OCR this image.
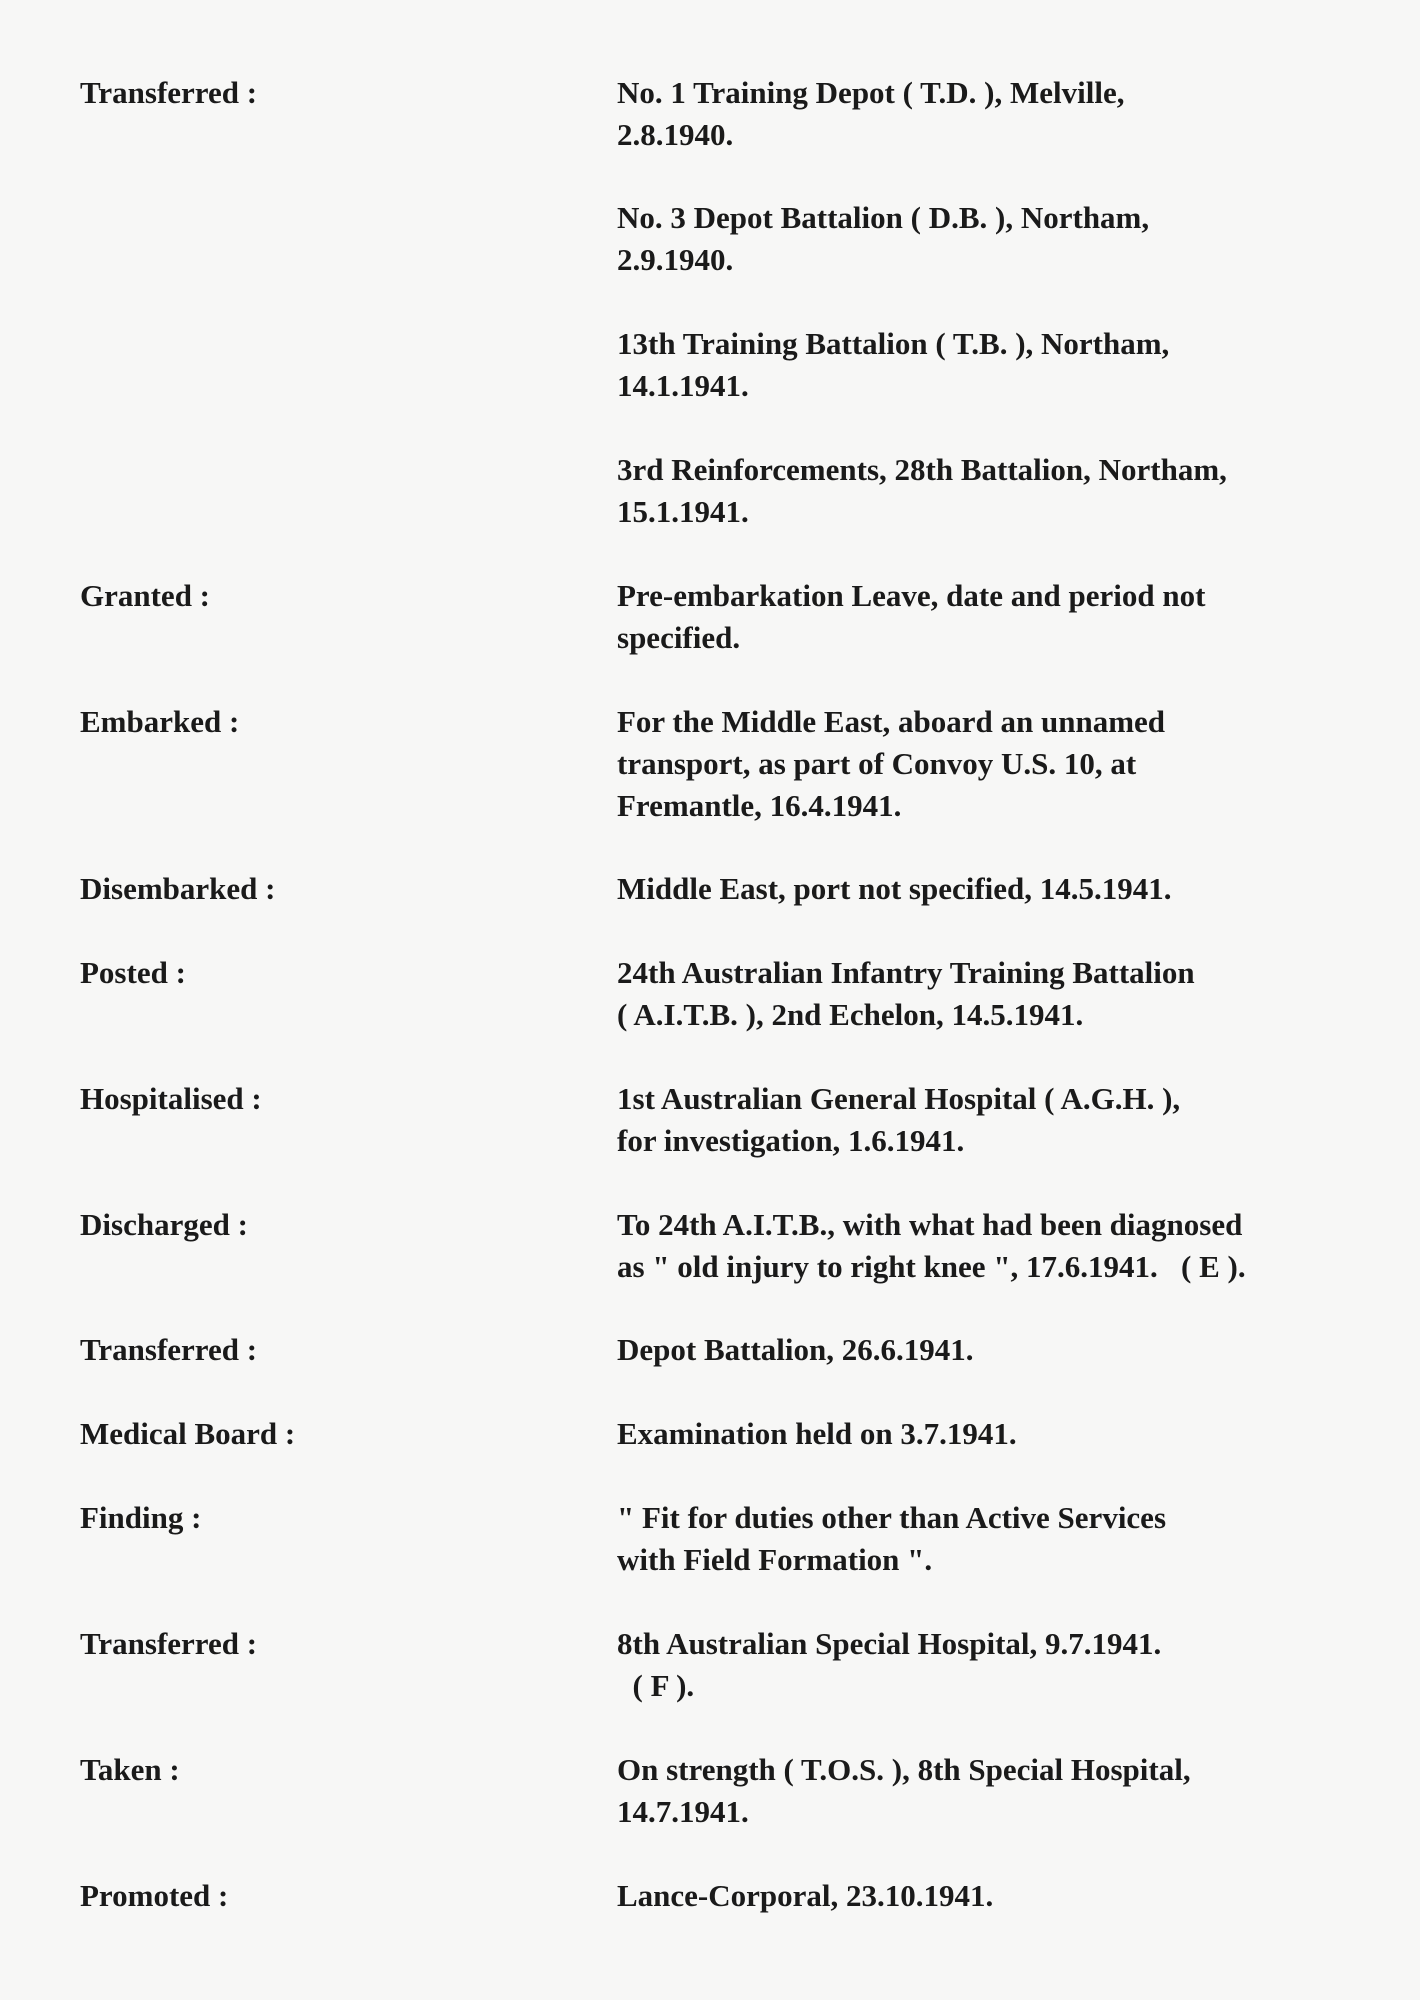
Transferred :	No. 1 Training Depot ( T.D. ), Melville,
2.8.1940.
No. 3 Depot Battalion ( D.B. ), Northam,
2.9.1940.
13th Training Battalion ( T.B. ), Northam,
14.1.1941.
3rd Reinforcements, 28th Battalion, Northam,
15.1.1941.
Granted :	Pre-embarkation Leave, date and period not
specified.
Embarked :	For the Middle East, aboard an unnamed
transport, as part of Convoy U.S. 10, at
Fremantle, 16.4.1941.
Disembarked :	Middle East, port not specified, 14.5.1941.
Posted :	24th Australian Infantry Training Battalion
( A.I.T.B. ), 2nd Echelon, 14.5.1941.
Hospitalised :	1st Australian General Hospital ( A.G.H. ),
for investigation, 1.6.1941.
Discharged :	To 24th A.I.T.B., with what had been diagnosed
as " old injury to right knee ", 17.6.1941.   ( E ).
Transferred :	Depot Battalion, 26.6.1941.
Medical Board :	Examination held on 3.7.1941.
Finding :	" Fit for duties other than Active Services
with Field Formation ".
Transferred :	8th Australian Special Hospital, 9.7.1941.
( F ).
Taken :	On strength ( T.O.S. ), 8th Special Hospital,
14.7.1941.
Promoted :	Lance-Corporal, 23.10.1941.
